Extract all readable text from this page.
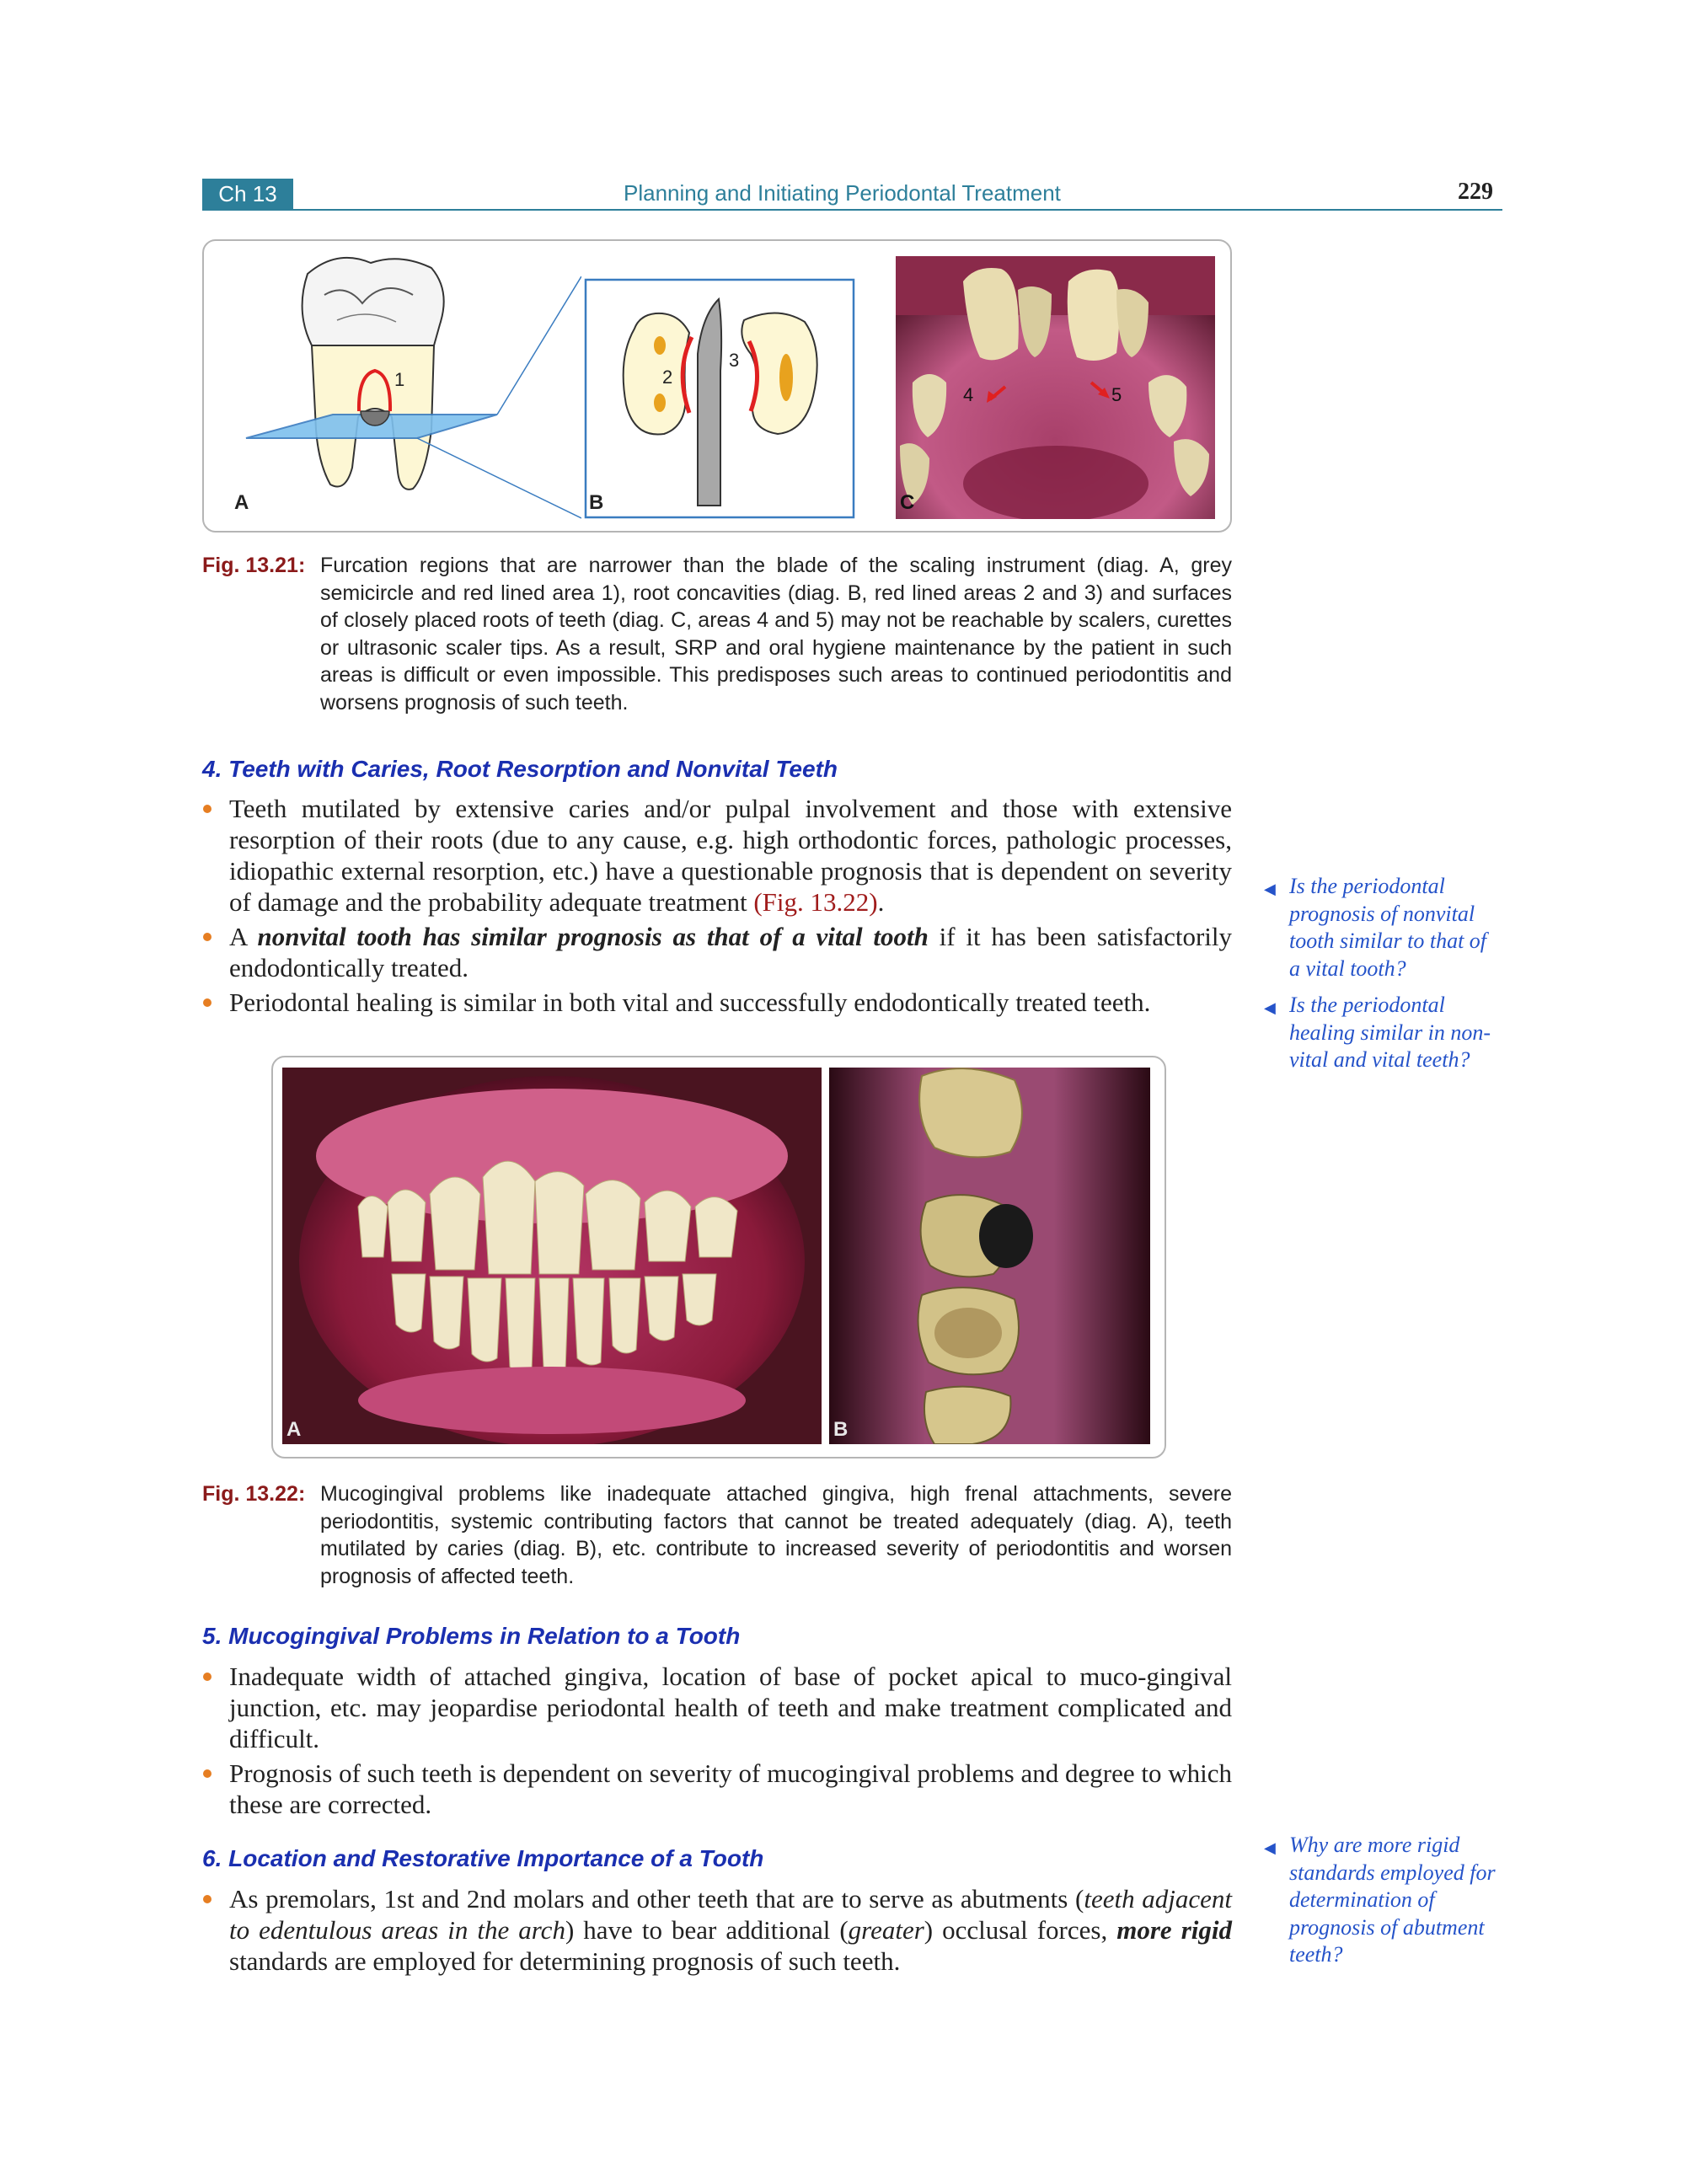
Ch 13	Planning and Initiating Periodontal Treatment	229
1
A
2
3
B
4	5
C
Fig. 13.21: Furcation regions that are narrower than the blade of the scaling instrument (diag. A, grey semicircle and red lined area 1), root concavities (diag. B, red lined areas 2 and 3) and surfaces of closely placed roots of teeth (diag. C, areas 4 and 5) may not be reachable by scalers, curettes or ultrasonic scaler tips. As a result, SRP and oral hygiene maintenance by the patient in such areas is difficult or even impossible. This predisposes such areas to continued periodontitis and worsens prognosis of such teeth.
4. Teeth with Caries, Root Resorption and Nonvital Teeth
Teeth mutilated by extensive caries and/or pulpal involvement and those with extensive resorption of their roots (due to any cause, e.g. high orthodontic forces, pathologic processes, idiopathic external resorption, etc.) have a questionable prognosis that is dependent on severity of damage and the probability adequate treatment (Fig. 13.22).
A nonvital tooth has similar prognosis as that of a vital tooth if it has been satisfactorily endodontically treated.
Periodontal healing is similar in both vital and successfully endodontically treated teeth.
A	B
Fig. 13.22: Mucogingival problems like inadequate attached gingiva, high frenal attachments, severe periodontitis, systemic contributing factors that cannot be treated adequately (diag. A), teeth mutilated by caries (diag. B), etc. contribute to increased severity of periodontitis and worsen prognosis of affected teeth.
5. Mucogingival Problems in Relation to a Tooth
Inadequate width of attached gingiva, location of base of pocket apical to muco-gingival junction, etc. may jeopardise periodontal health of teeth and make treatment complicated and difficult.
Prognosis of such teeth is dependent on severity of mucogingival problems and degree to which these are corrected.
6. Location and Restorative Importance of a Tooth
As premolars, 1st and 2nd molars and other teeth that are to serve as abutments (teeth adjacent to edentulous areas in the arch) have to bear additional (greater) occlusal forces, more rigid standards are employed for determining prognosis of such teeth.
◀ Is the periodontal prognosis of nonvital tooth similar to that of a vital tooth?
◀ Is the periodontal healing similar in non-vital and vital teeth?
◀ Why are more rigid standards employed for determination of prognosis of abutment teeth?
